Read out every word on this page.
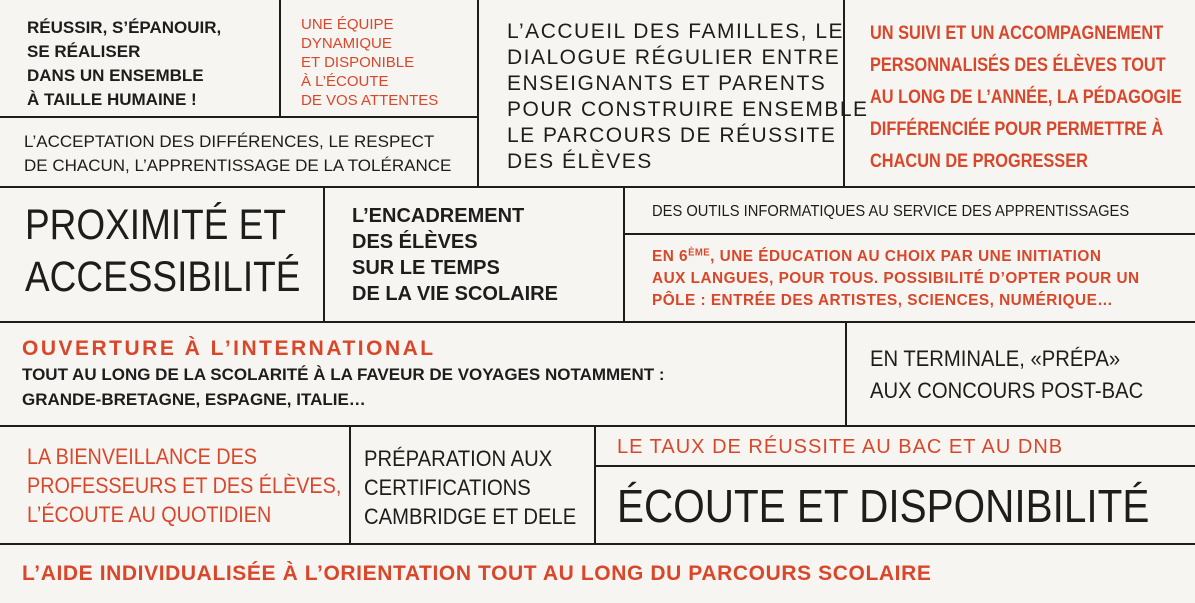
RÉUSSIR, S’ÉPANOUIR,

SE RÉALISER

DANS UN ENSEMBLE

À TAILLE HUMAINE !

UNE ÉQUIPE

DYNAMIQUE

ET DISPONIBLE

À L’ÉCOUTE

DE VOS ATTENTES

L’ACCEPTATION DES DIFFÉRENCES, LE RESPECT

DE CHACUN, L’APPRENTISSAGE DE LA TOLÉRANCE

L’ACCUEIL DES FAMILLES, LE

DIALOGUE RÉGULIER ENTRE

ENSEIGNANTS ET PARENTS

POUR CONSTRUIRE ENSEMBLE

LE PARCOURS DE RÉUSSITE

DES ÉLÈVES

UN SUIVI ET UN ACCOMPAGNEMENT

PERSONNALISÉS DES ÉLÈVES TOUT

AU LONG DE L’ANNÉE, LA PÉDAGOGIE

DIFFÉRENCIÉE POUR PERMETTRE À

CHACUN DE PROGRESSER

PROXIMITÉ ET

ACCESSIBILITÉ

L’ENCADREMENT

DES ÉLÈVES

SUR LE TEMPS

DE LA VIE SCOLAIRE

DES OUTILS INFORMATIQUES AU SERVICE DES APPRENTISSAGES

EN 6ÈME, UNE ÉDUCATION AU CHOIX PAR UNE INITIATION

AUX LANGUES, POUR TOUS. POSSIBILITÉ D’OPTER POUR UN

PÔLE : ENTRÉE DES ARTISTES, SCIENCES, NUMÉRIQUE…

OUVERTURE À L’INTERNATIONAL

TOUT AU LONG DE LA SCOLARITÉ À LA FAVEUR DE VOYAGES NOTAMMENT :

GRANDE-BRETAGNE, ESPAGNE, ITALIE…

EN TERMINALE, «PRÉPA»

AUX CONCOURS POST-BAC

LA BIENVEILLANCE DES

PROFESSEURS ET DES ÉLÈVES,

L’ÉCOUTE AU QUOTIDIEN

PRÉPARATION AUX

CERTIFICATIONS

CAMBRIDGE ET DELE

LE TAUX DE RÉUSSITE AU BAC ET AU DNB

ÉCOUTE ET DISPONIBILITÉ

L’AIDE INDIVIDUALISÉE À L’ORIENTATION TOUT AU LONG DU PARCOURS SCOLAIRE
